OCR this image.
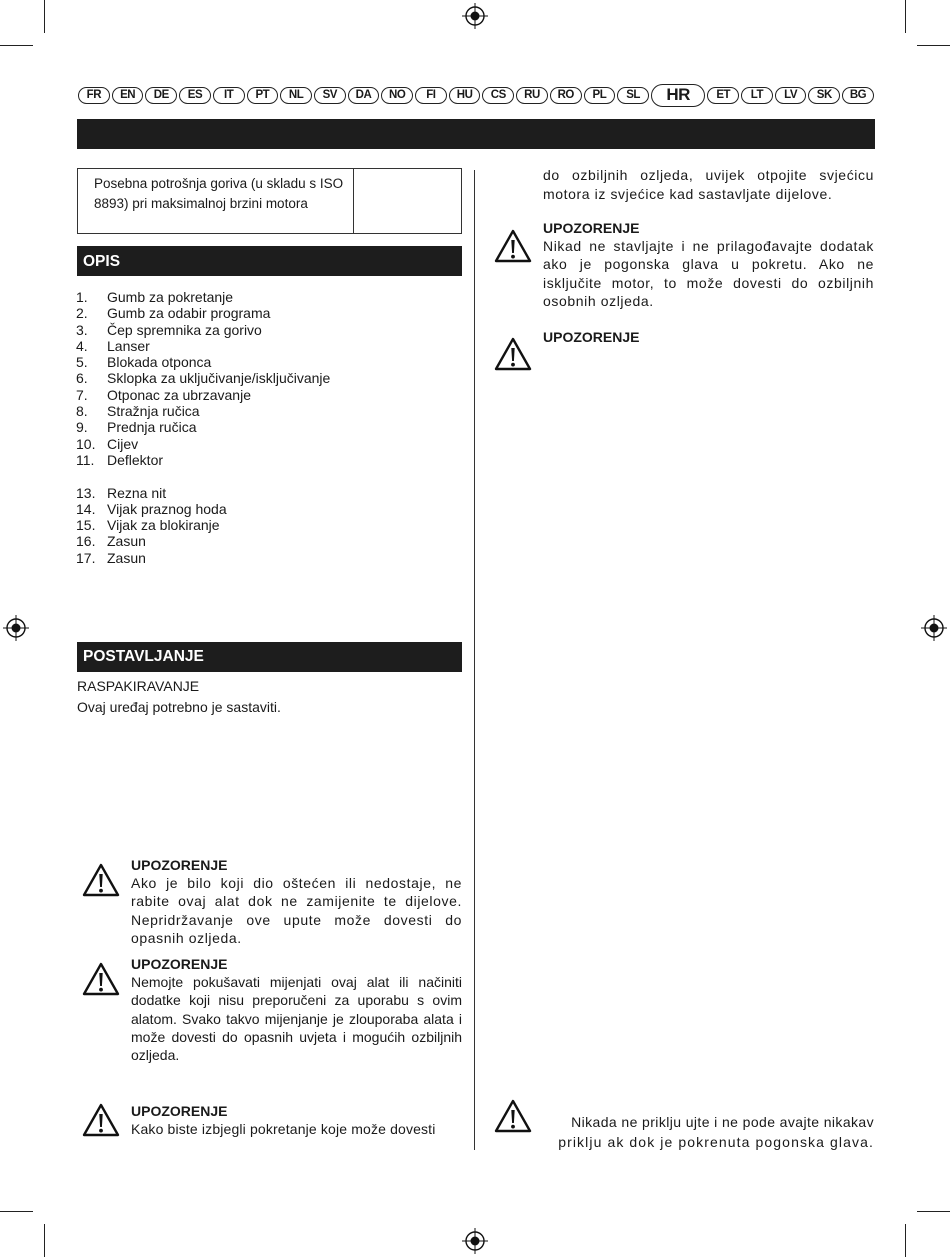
FR	EN	DE	ES	IT	PT	NL	SV	DA	NO	FI	HU	CS	RU	RO	PL	SL	HR	ET	LT	LV	SK	BG
Posebna potrošnja goriva (u skladu s ISO 8893) pri maksimalnoj brzini motora
OPIS
1.	Gumb za pokretanje
2.	Gumb za odabir programa
3.	Čep spremnika za gorivo
4.	Lanser
5.	Blokada otponca
6.	Sklopka za uključivanje/isključivanje
7.	Otponac za ubrzavanje
8.	Stražnja ručica
9.	Prednja ručica
10. Cijev
11. Deflektor
13. Rezna nit
14. Vijak praznog hoda
15. Vijak za blokiranje
16. Zasun
17. Zasun
POSTAVLJANJE
RASPAKIRAVANJE
Ovaj uređaj potrebno je sastaviti.
UPOZORENJE
Ako je bilo koji dio oštećen ili nedostaje, ne rabite ovaj alat dok ne zamijenite te dijelove. Nepridržavanje ove upute može dovesti do opasnih ozljeda.
UPOZORENJE
Nemojte pokušavati mijenjati ovaj alat ili načiniti dodatke koji nisu preporučeni za uporabu s ovim alatom. Svako takvo mijenjanje je zlouporaba alata i može dovesti do opasnih uvjeta i mogućih ozbiljnih ozljeda.
UPOZORENJE
Kako biste izbjegli pokretanje koje može dovesti
do ozbiljnih ozljeda, uvijek otpojite svjećicu motora iz svjećice kad sastavljate dijelove.
UPOZORENJE
Nikad ne stavljajte i ne prilagođavajte dodatak ako je pogonska glava u pokretu. Ako ne isključite motor, to može dovesti do ozbiljnih osobnih ozljeda.
UPOZORENJE
Nikada ne priklju ujte i ne pode avajte nikakav
priklju ak dok je pokrenuta pogonska glava.
